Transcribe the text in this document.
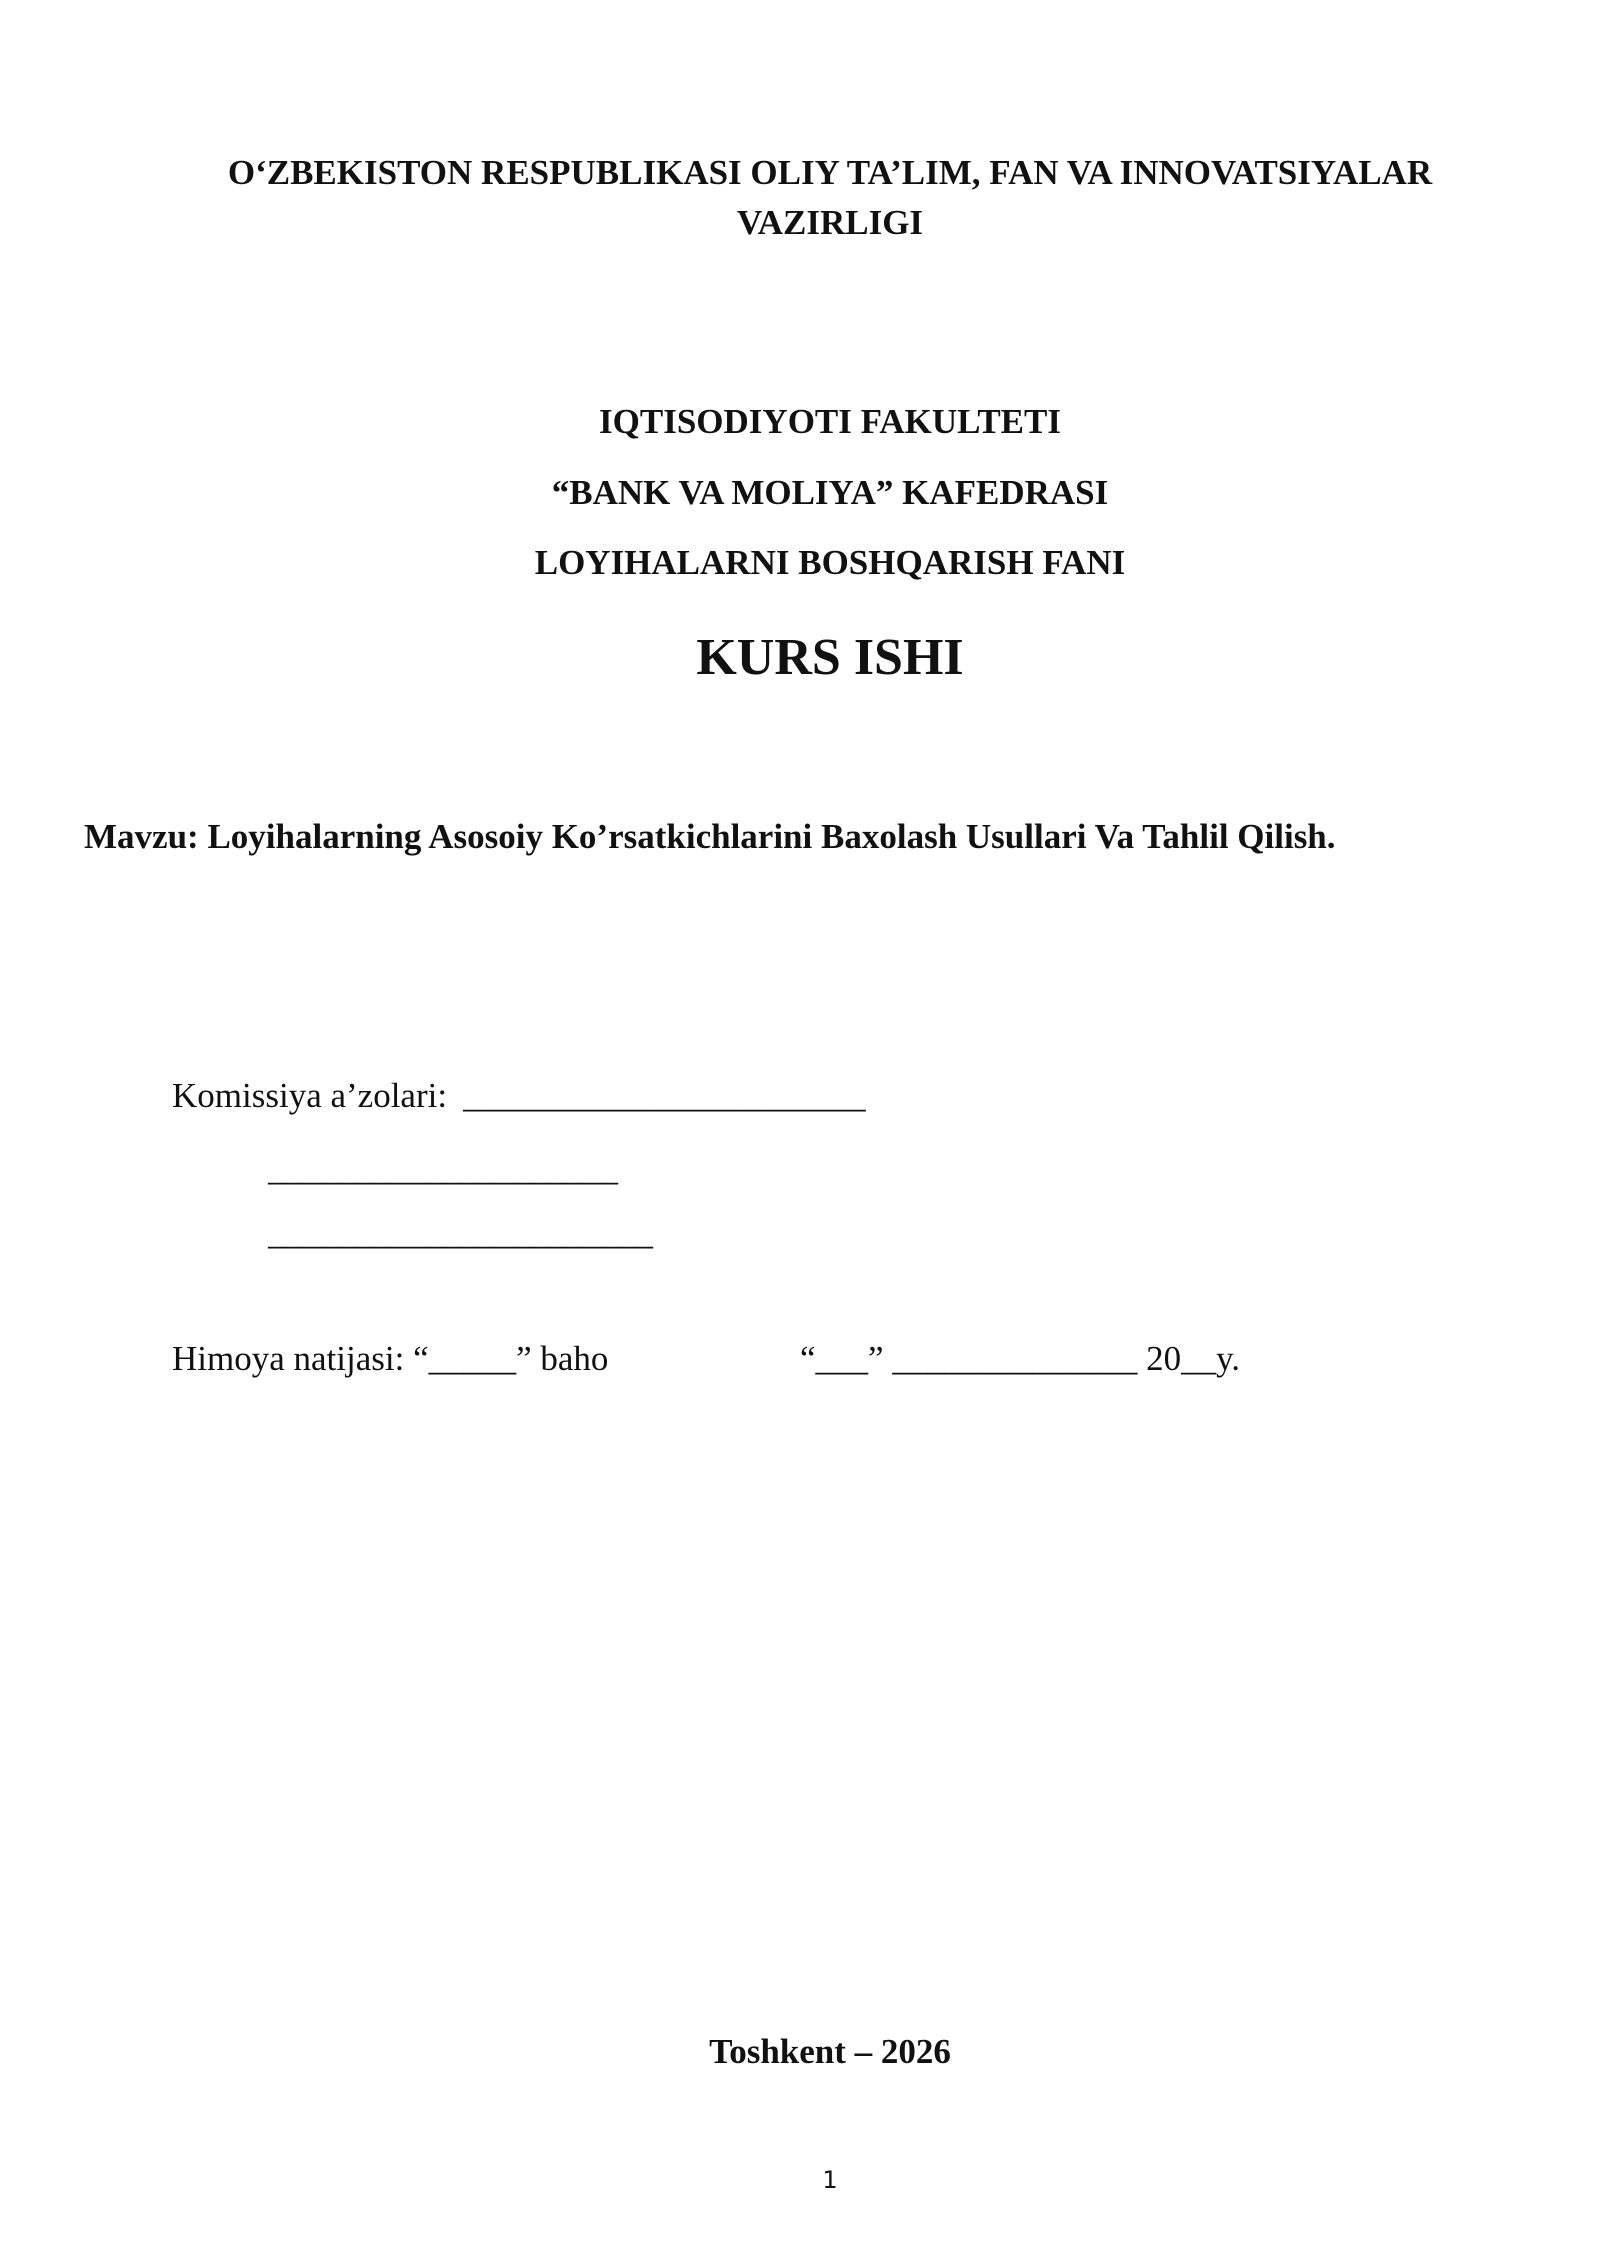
O‘ZBEKISTON RESPUBLIKASI OLIY TA’LIM, FAN VA INNOVATSIYALAR
VAZIRLIGI
IQTISODIYOTI FAKULTETI
“BANK VA MOLIYA” KAFEDRASI
LOYIHALARNI BOSHQARISH FANI
KURS ISHI
Mavzu: Loyihalarning Asosoiy Ko’rsatkichlarini Baxolash Usullari Va Tahlil Qilish.
Komissiya a’zolari: _______________________
____________________
______________________
Himoya natijasi: “_____” baho	“___” ______________ 20__y.
Toshkent – 2026
1
